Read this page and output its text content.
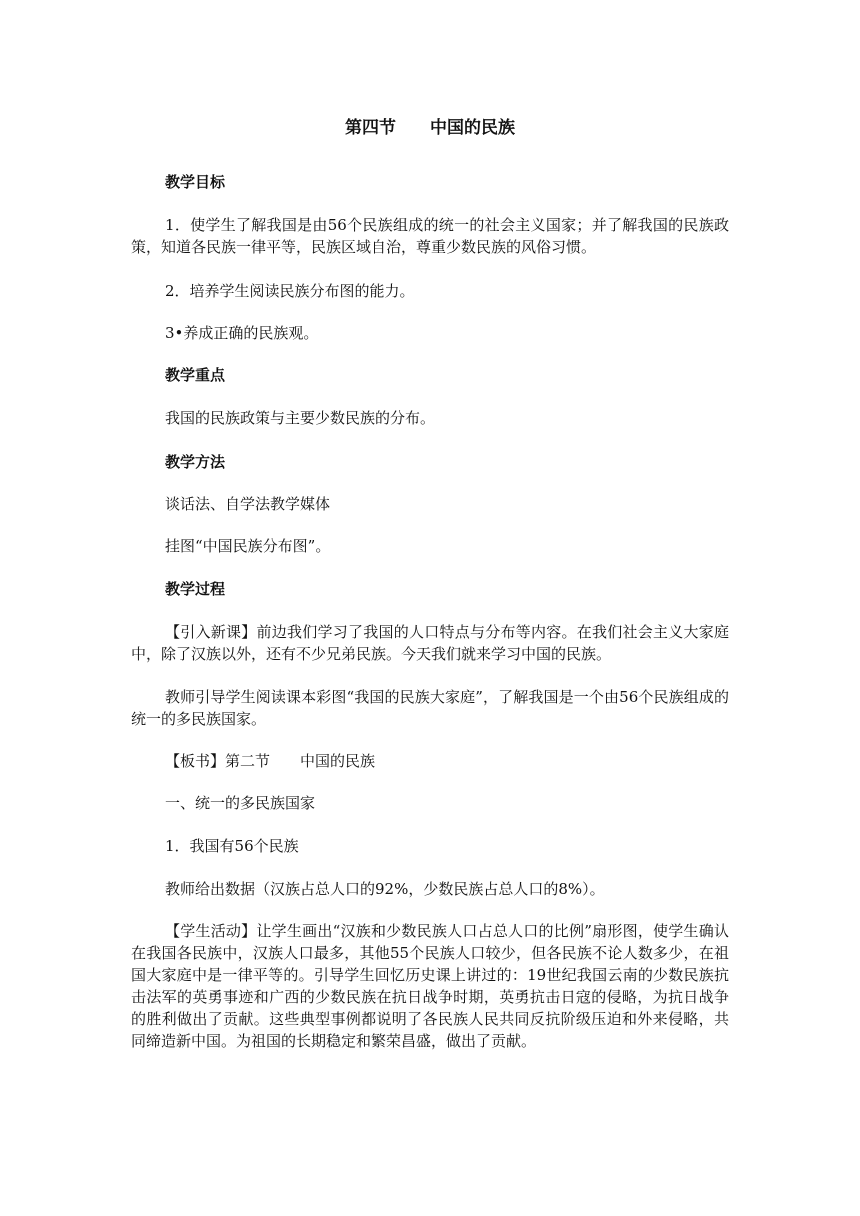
第四节　　中国的民族
教学目标
1．使学生了解我国是由56个民族组成的统一的社会主义国家；并了解我国的民族政策，知道各民族一律平等，民族区域自治，尊重少数民族的风俗习惯。
2．培养学生阅读民族分布图的能力。
3•养成正确的民族观。
教学重点
我国的民族政策与主要少数民族的分布。
教学方法
谈话法、自学法教学媒体
挂图“中国民族分布图”。
教学过程
【引入新课】前边我们学习了我国的人口特点与分布等内容。在我们社会主义大家庭中，除了汉族以外，还有不少兄弟民族。今天我们就来学习中国的民族。
教师引导学生阅读课本彩图“我国的民族大家庭”，了解我国是一个由56个民族组成的统一的多民族国家。
【板书】第二节　　中国的民族
一、统一的多民族国家
1．我国有56个民族
教师给出数据（汉族占总人口的92%，少数民族占总人口的8%）。
【学生活动】让学生画出“汉族和少数民族人口占总人口的比例”扇形图，使学生确认在我国各民族中，汉族人口最多，其他55个民族人口较少，但各民族不论人数多少，在祖国大家庭中是一律平等的。引导学生回忆历史课上讲过的：19世纪我国云南的少数民族抗击法军的英勇事迹和广西的少数民族在抗日战争时期，英勇抗击日寇的侵略，为抗日战争的胜利做出了贡献。这些典型事例都说明了各民族人民共同反抗阶级压迫和外来侵略，共同缔造新中国。为祖国的长期稳定和繁荣昌盛，做出了贡献。
